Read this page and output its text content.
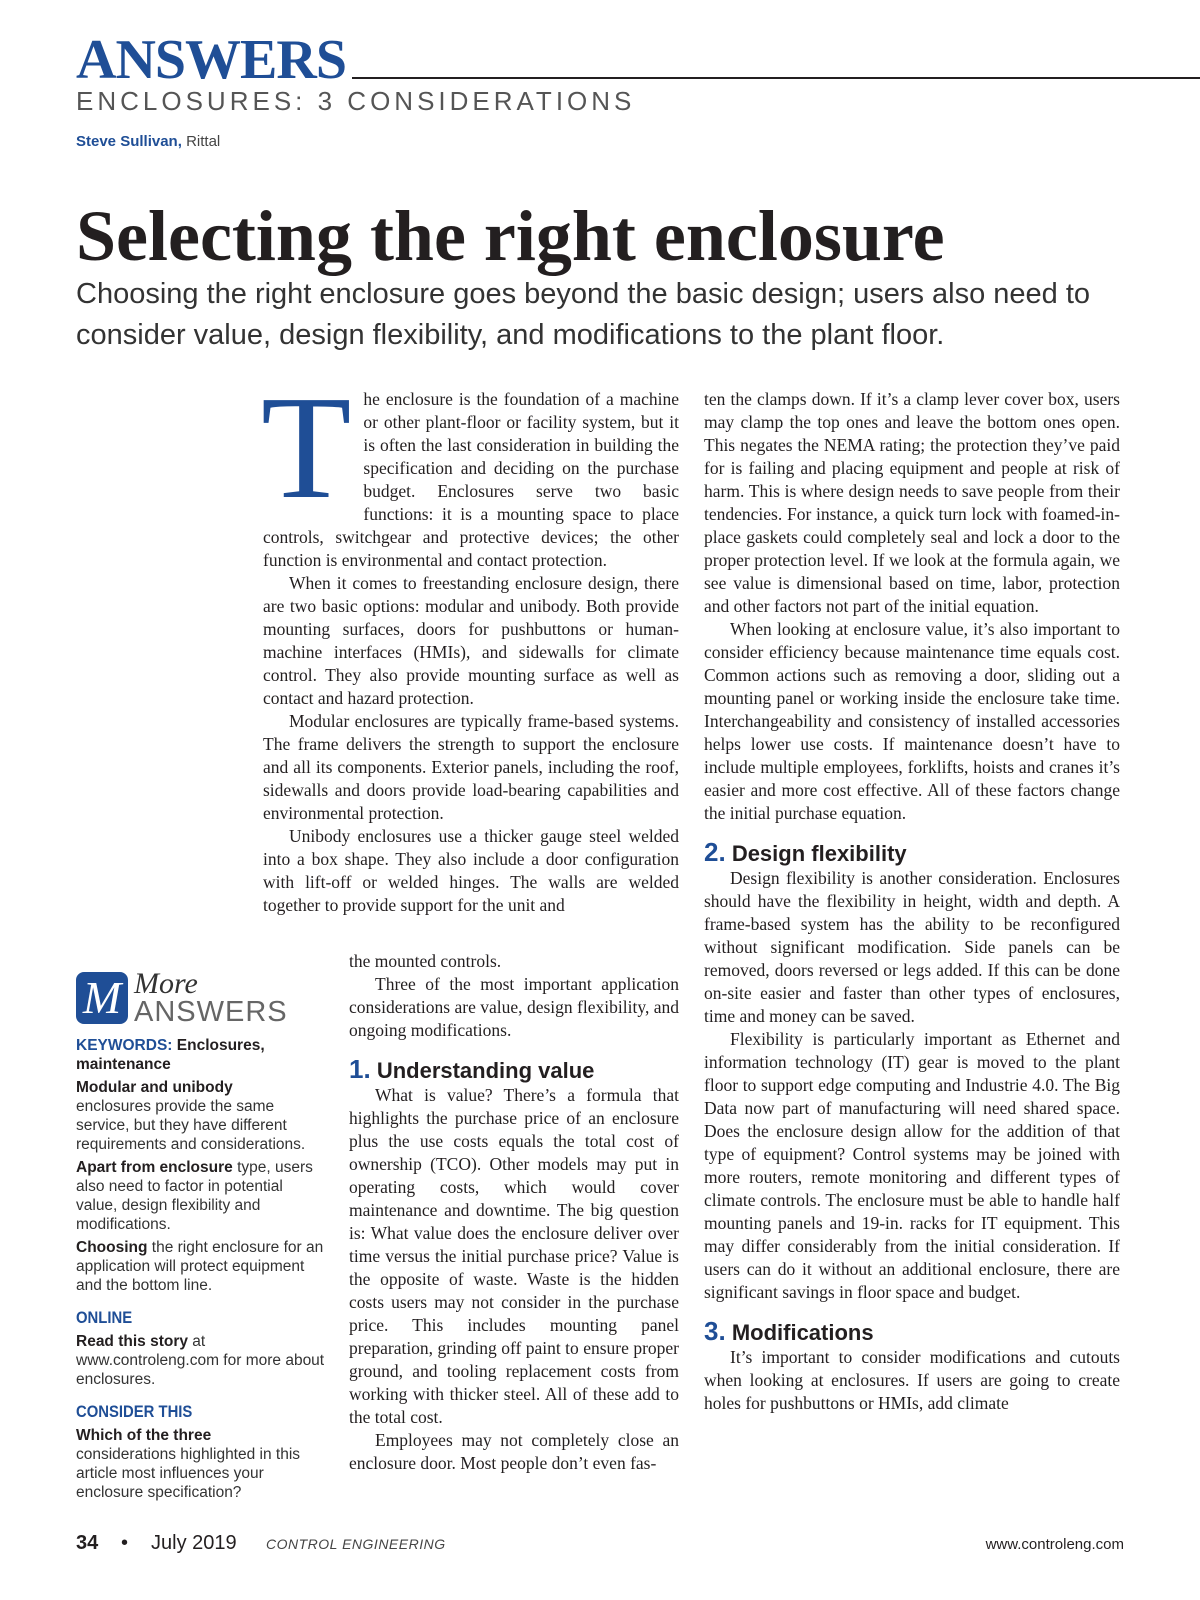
ANSWERS
ENCLOSURES: 3 CONSIDERATIONS
Steve Sullivan, Rittal
Selecting the right enclosure
Choosing the right enclosure goes beyond the basic design; users also need to consider value, design flexibility, and modifications to the plant floor.

The enclosure is the foundation of a machine or other plant-floor or facility system, but it is often the last consideration in building the specification and deciding on the purchase budget. Enclosures serve two basic functions: it is a mounting space to place controls, switchgear and protective devices; the other function is environmental and contact protection.

When it comes to freestanding enclosure design, there are two basic options: modular and unibody. Both provide mounting surfaces, doors for pushbuttons or human-machine interfaces (HMIs), and sidewalls for climate control. They also provide mounting surface as well as contact and hazard protection.

Modular enclosures are typically frame-based systems. The frame delivers the strength to support the enclosure and all its components. Exterior panels, including the roof, sidewalls and doors provide load-bearing capabilities and environmental protection.

Unibody enclosures use a thicker gauge steel welded into a box shape. They also include a door configuration with lift-off or welded hinges. The walls are welded together to provide support for the unit and

the mounted controls.

Three of the most important application considerations are value, design flexibility, and ongoing modifications.

1. Understanding value

What is value? There’s a formula that highlights the purchase price of an enclosure plus the use costs equals the total cost of ownership (TCO). Other models may put in operating costs, which would cover maintenance and downtime. The big question is: What value does the enclosure deliver over time versus the initial purchase price? Value is the opposite of waste. Waste is the hidden costs users may not consider in the purchase price. This includes mounting panel preparation, grinding off paint to ensure proper ground, and tooling replacement costs from working with thicker steel. All of these add to the total cost.

Employees may not completely close an enclosure door. Most people don’t even fas-

ten the clamps down. If it’s a clamp lever cover box, users may clamp the top ones and leave the bottom ones open. This negates the NEMA rating; the protection they’ve paid for is failing and placing equipment and people at risk of harm. This is where design needs to save people from their tendencies. For instance, a quick turn lock with foamed-in-place gaskets could completely seal and lock a door to the proper protection level. If we look at the formula again, we see value is dimensional based on time, labor, protection and other factors not part of the initial equation.

When looking at enclosure value, it’s also important to consider efficiency because maintenance time equals cost. Common actions such as removing a door, sliding out a mounting panel or working inside the enclosure take time. Interchangeability and consistency of installed accessories helps lower use costs. If maintenance doesn’t have to include multiple employees, forklifts, hoists and cranes it’s easier and more cost effective. All of these factors change the initial purchase equation.

2. Design flexibility

Design flexibility is another consideration. Enclosures should have the flexibility in height, width and depth. A frame-based system has the ability to be reconfigured without significant modification. Side panels can be removed, doors reversed or legs added. If this can be done on-site easier and faster than other types of enclosures, time and money can be saved.

Flexibility is particularly important as Ethernet and information technology (IT) gear is moved to the plant floor to support edge computing and Industrie 4.0. The Big Data now part of manufacturing will need shared space. Does the enclosure design allow for the addition of that type of equipment? Control systems may be joined with more routers, remote monitoring and different types of climate controls. The enclosure must be able to handle half mounting panels and 19-in. racks for IT equipment. This may differ considerably from the initial consideration. If users can do it without an additional enclosure, there are significant savings in floor space and budget.

3. Modifications

It’s important to consider modifications and cutouts when looking at enclosures. If users are going to create holes for pushbuttons or HMIs, add climate

M More
ANSWERS

KEYWORDS: Enclosures, maintenance

Modular and unibody
enclosures provide the same service, but they have different requirements and considerations.

Apart from enclosure type, users also need to factor in potential value, design flexibility and modifications.

Choosing the right enclosure for an application will protect equipment and the bottom line.

ONLINE

Read this story at www.controleng.com for more about enclosures.

CONSIDER THIS

Which of the three
considerations highlighted in this article most influences your enclosure specification?

34 • July 2019 CONTROL ENGINEERING	www.controleng.com
